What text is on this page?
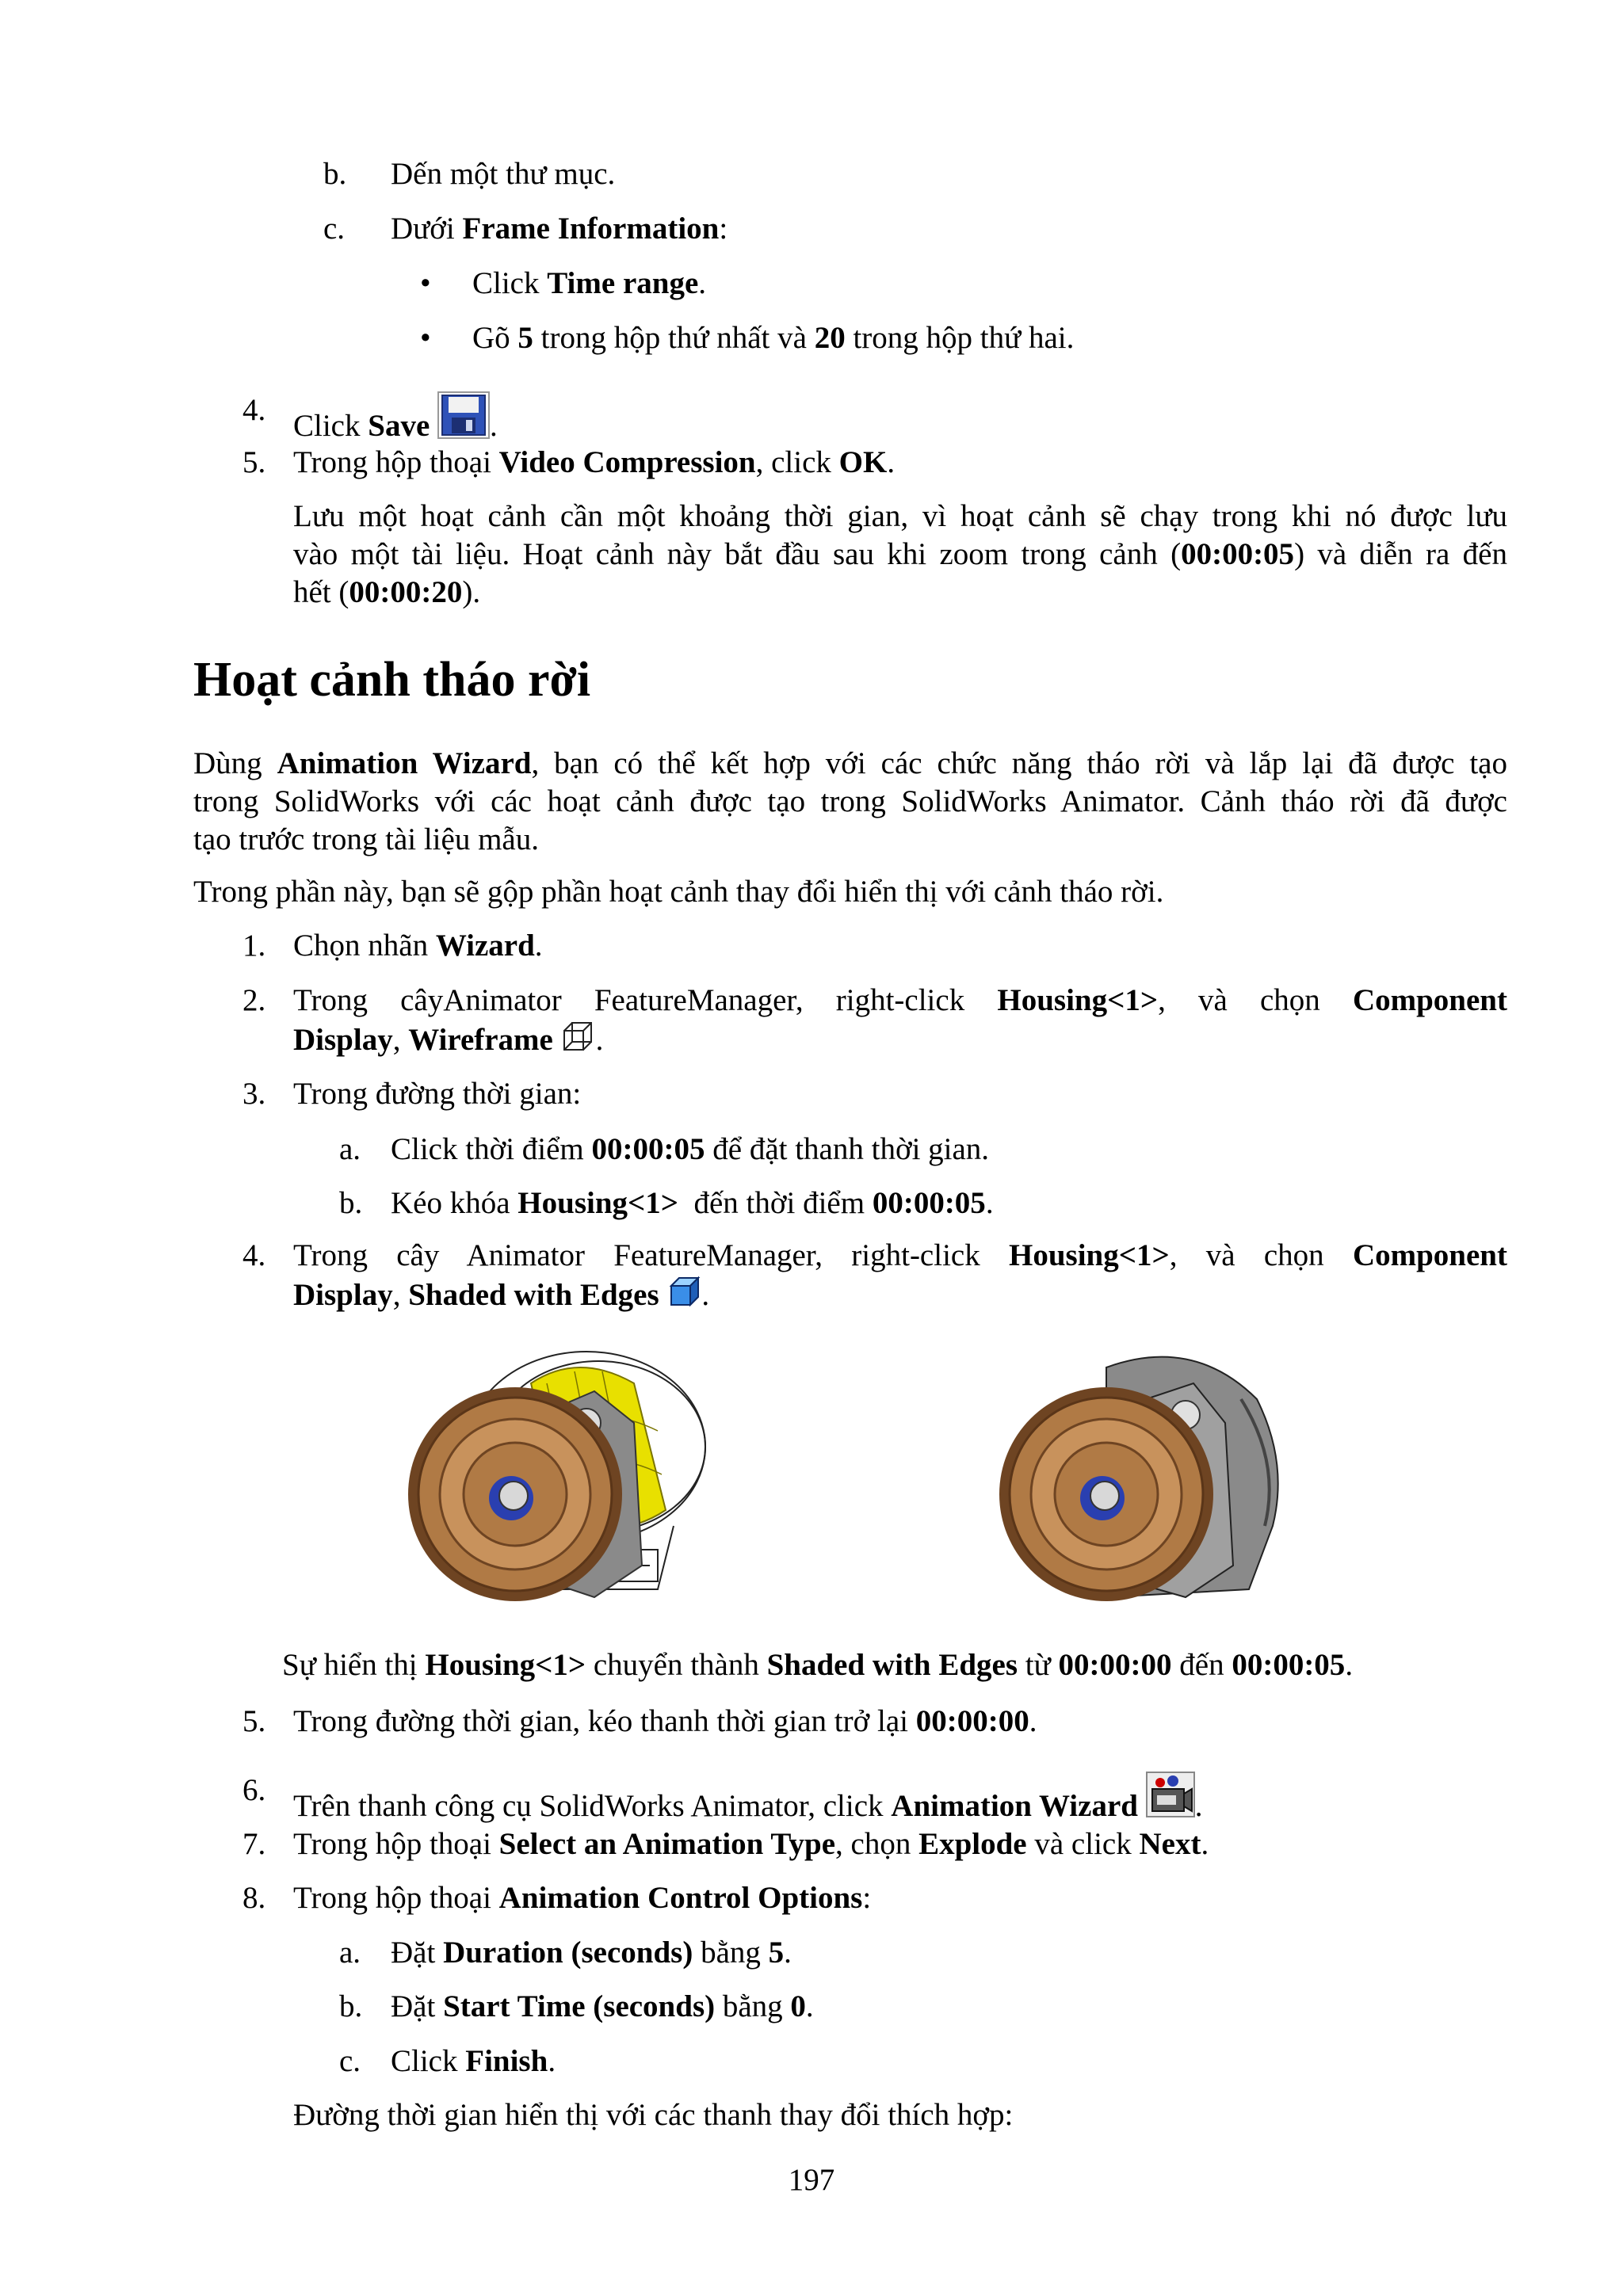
b. Dến một thư mục.
c. Dưới Frame Information:
• Click Time range.
• Gõ 5 trong hộp thứ nhất và 20 trong hộp thứ hai.
4. Click Save .
5. Trong hộp thoại Video Compression, click OK.
Lưu một hoạt cảnh cần một khoảng thời gian, vì hoạt cảnh sẽ chạy trong khi nó được lưu
vào một tài liệu. Hoạt cảnh này bắt đầu sau khi zoom trong cảnh (00:00:05) và diễn ra đến
hết (00:00:20).
Hoạt cảnh tháo rời
Dùng Animation Wizard, bạn có thể kết hợp với các chức năng tháo rời và lắp lại đã được tạo
trong SolidWorks với các hoạt cảnh được tạo trong SolidWorks Animator. Cảnh tháo rời đã được
tạo trước trong tài liệu mẫu.
Trong phần này, bạn sẽ gộp phần hoạt cảnh thay đổi hiển thị với cảnh tháo rời.
1. Chọn nhãn Wizard.
2. Trong câyAnimator FeatureManager, right-click Housing<1>, và chọn Component
Display, Wireframe .
3. Trong đường thời gian:
a. Click thời điểm 00:00:05 để đặt thanh thời gian.
b. Kéo khóa Housing<1>  đến thời điểm 00:00:05.
4. Trong cây Animator FeatureManager, right-click Housing<1>, và chọn Component
Display, Shaded with Edges .
Sự hiển thị Housing<1> chuyển thành Shaded with Edges từ 00:00:00 đến 00:00:05.
5. Trong đường thời gian, kéo thanh thời gian trở lại 00:00:00.
6. Trên thanh công cụ SolidWorks Animator, click Animation Wizard .
7. Trong hộp thoại Select an Animation Type, chọn Explode và click Next.
8. Trong hộp thoại Animation Control Options:
a. Đặt Duration (seconds) bằng 5.
b. Đặt Start Time (seconds) bằng 0.
c. Click Finish.
Đường thời gian hiển thị với các thanh thay đổi thích hợp:
197
